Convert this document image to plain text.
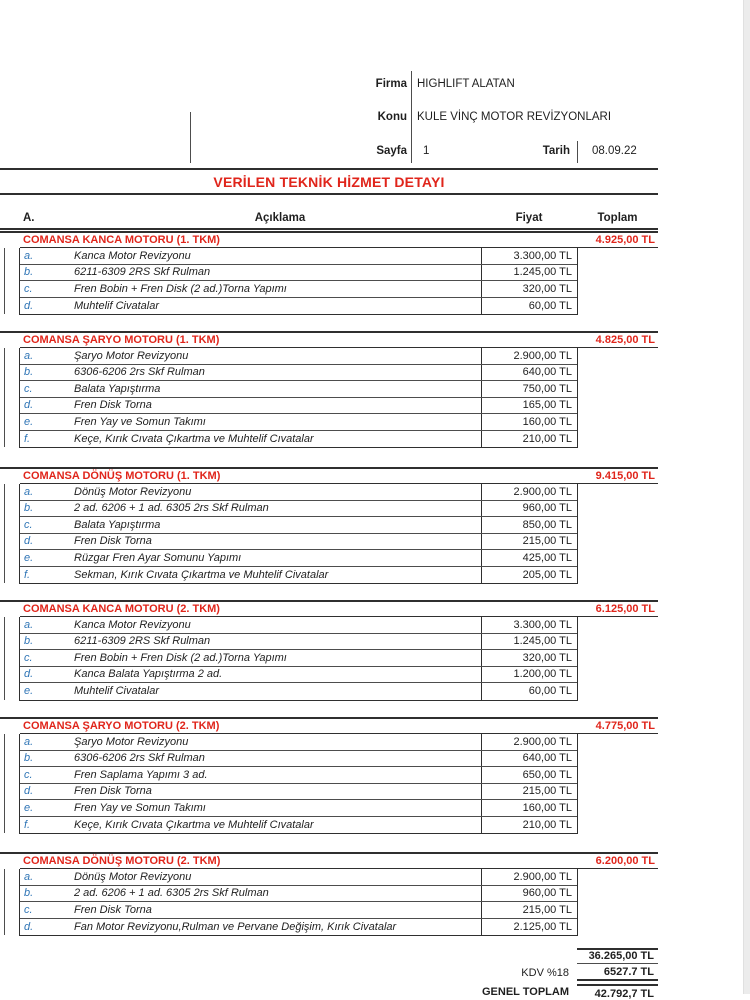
Firma HIGHLIFT ALATAN
Konu KULE VİNÇ MOTOR REVİZYONLARI
Sayfa 1	Tarih 08.09.22
VERİLEN TEKNİK HİZMET DETAYI
A.	Açıklama	Fiyat	Toplam
COMANSA KANCA MOTORU (1. TKM)	4.925,00 TL
a.	Kanca Motor Revizyonu	3.300,00 TL
b.	6211-6309 2RS Skf Rulman	1.245,00 TL
c.	Fren Bobin + Fren Disk (2 ad.)Torna Yapımı	320,00 TL
d.	Muhtelif Civatalar	60,00 TL
COMANSA ŞARYO MOTORU (1. TKM)	4.825,00 TL
a.	Şaryo Motor Revizyonu	2.900,00 TL
b.	6306-6206 2rs Skf Rulman	640,00 TL
c.	Balata Yapıştırma	750,00 TL
d.	Fren Disk Torna	165,00 TL
e.	Fren Yay ve Somun Takımı	160,00 TL
f.	Keçe, Kırık Cıvata Çıkartma ve Muhtelif Cıvatalar	210,00 TL
COMANSA DÖNÜŞ MOTORU (1. TKM)	9.415,00 TL
a.	Dönüş Motor Revizyonu	2.900,00 TL
b.	2 ad. 6206 + 1 ad. 6305 2rs Skf Rulman	960,00 TL
c.	Balata Yapıştırma	850,00 TL
d.	Fren Disk Torna	215,00 TL
e.	Rüzgar Fren Ayar Somunu Yapımı	425,00 TL
f.	Sekman, Kırık Cıvata Çıkartma ve Muhtelif Civatalar	205,00 TL
COMANSA KANCA MOTORU (2. TKM)	6.125,00 TL
a.	Kanca Motor Revizyonu	3.300,00 TL
b.	6211-6309 2RS Skf Rulman	1.245,00 TL
c.	Fren Bobin + Fren Disk (2 ad.)Torna Yapımı	320,00 TL
d.	Kanca Balata Yapıştırma 2 ad.	1.200,00 TL
e.	Muhtelif Civatalar	60,00 TL
COMANSA ŞARYO MOTORU (2. TKM)	4.775,00 TL
a.	Şaryo Motor Revizyonu	2.900,00 TL
b.	6306-6206 2rs Skf Rulman	640,00 TL
c.	Fren Saplama Yapımı 3 ad.	650,00 TL
d.	Fren Disk Torna	215,00 TL
e.	Fren Yay ve Somun Takımı	160,00 TL
f.	Keçe, Kırık Cıvata Çıkartma ve Muhtelif Cıvatalar	210,00 TL
COMANSA DÖNÜŞ MOTORU (2. TKM)	6.200,00 TL
a.	Dönüş Motor Revizyonu	2.900,00 TL
b.	2 ad. 6206 + 1 ad. 6305 2rs Skf Rulman	960,00 TL
c.	Fren Disk Torna	215,00 TL
d.	Fan Motor Revizyonu,Rulman ve Pervane Değişim, Kırık Civatalar	2.125,00 TL
36.265,00 TL
KDV %18	6527.7 TL
GENEL TOPLAM	42.792,7 TL
